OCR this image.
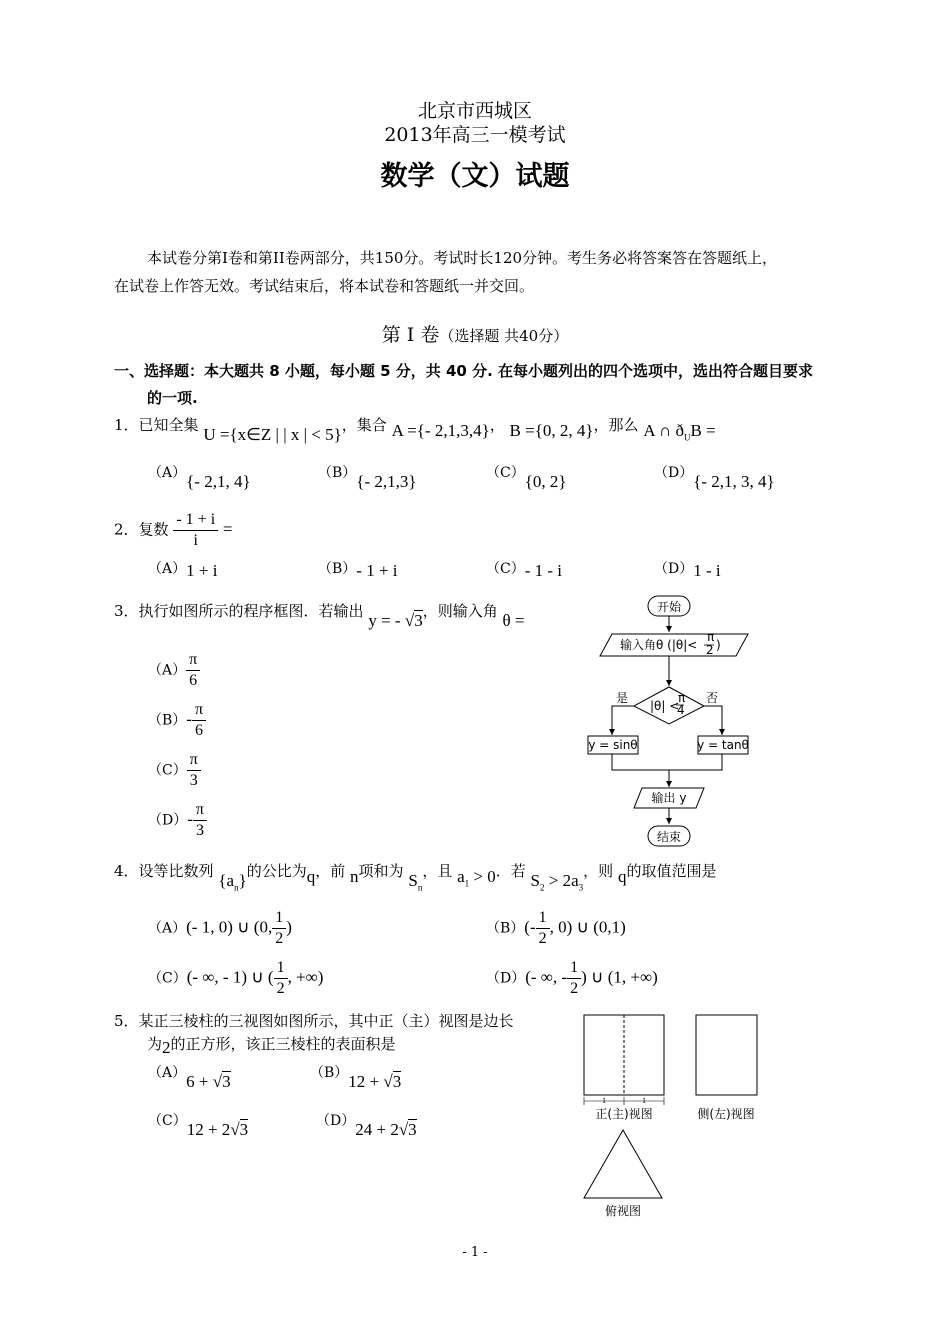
北京市西城区
2013年高三一模考试
数学（文）试题
本试卷分第I卷和第II卷两部分，共150分。考试时长120分钟。考生务必将答案答在答题纸上，
在试卷上作答无效。考试结束后，将本试卷和答题纸一并交回。
第 I 卷（选择题 共40分）
一、选择题：本大题共 8 小题，每小题 5 分，共 40 分. 在每小题列出的四个选项中，选出符合题目要求
的一项.
1．已知全集 U ={x∈Z | | x | < 5}，集合 A ={- 2,1,3,4}， B ={0, 2, 4}，那么 A ∩ $ð_UB$ =
（A）{- 2,1, 4}	（B）{- 2,1,3}	（C）{0, 2}	（D）{- 2,1, 3, 4}
2．复数 $\frac{- 1 + i}{i}$ =
（A）1 + i	（B）- 1 + i	（C）- 1 - i	（D）1 - i
3．执行如图所示的程序框图．若输出 y = - √3，则输入角 θ =
$(A) \frac{\pi}{6}$
$(B)- \frac{\pi}{6}$
$(C) \frac{\pi}{3}$
$(D)- \frac{\pi}{3}$
开始
输入角θ (|θ|<
π
2 )
|θ| <
π
4
是	否
y = sinθ	y = tanθ
输出 y
结束
4．设等比数列 $\{a_n\}$的公比为q，前 n项和为 $S_n$，且 $a_1 > 0$．若 $S_2 > 2a_3$，则 q的取值范围是
（A）(- 1, 0) ∪ (0, $\frac{1}{2}$ )	$(B)(- \frac{1}{2}$ , 0) ∪ (0,1)
（C）(- ∞, - 1) ∪ ( $\frac{1}{2}$ , +∞)	（D）(- ∞, - $\frac{1}{2}$ ) ∪ (1, +∞)
5．某正三棱柱的三视图如图所示，其中正（主）视图是边长
为2的正方形，该正三棱柱的表面积是
（A）6 + √3	（B）12 + √3
（C）12 + 2√3	（D）24 + 2√3
1	1
正(主)视图	侧(左)视图
俯视图
- 1 -
